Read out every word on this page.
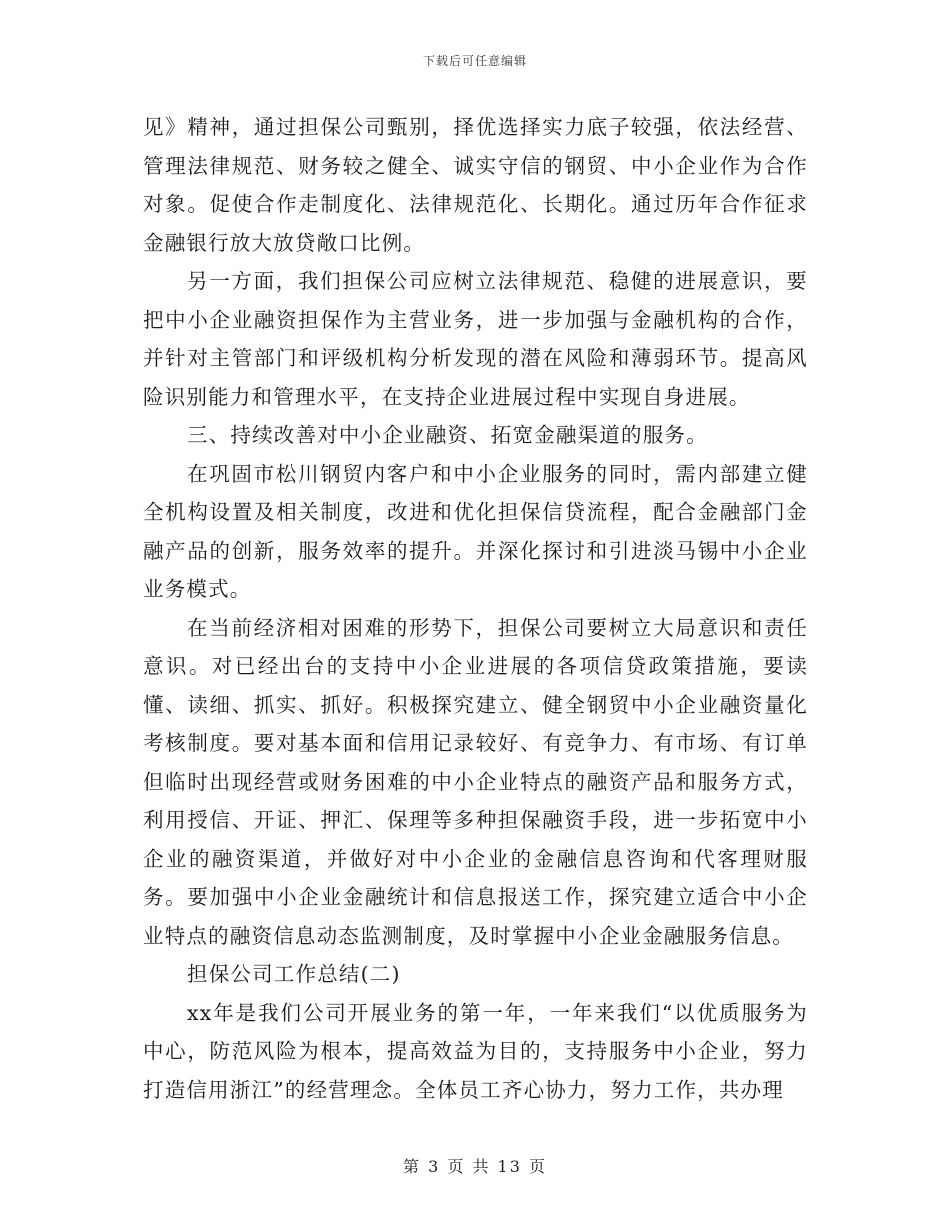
下载后可任意编辑

见》精神，通过担保公司甄别，择优选择实力底子较强，依法经营、管理法律规范、财务较之健全、诚实守信的钢贸、中小企业作为合作对象。促使合作走制度化、法律规范化、长期化。通过历年合作征求金融银行放大放贷敞口比例。

另一方面，我们担保公司应树立法律规范、稳健的进展意识，要把中小企业融资担保作为主营业务，进一步加强与金融机构的合作，并针对主管部门和评级机构分析发现的潜在风险和薄弱环节。提高风险识别能力和管理水平，在支持企业进展过程中实现自身进展。

三、持续改善对中小企业融资、拓宽金融渠道的服务。

在巩固市松川钢贸内客户和中小企业服务的同时，需内部建立健全机构设置及相关制度，改进和优化担保信贷流程，配合金融部门金融产品的创新，服务效率的提升。并深化探讨和引进淡马锡中小企业业务模式。

在当前经济相对困难的形势下，担保公司要树立大局意识和责任意识。对已经出台的支持中小企业进展的各项信贷政策措施，要读懂、读细、抓实、抓好。积极探究建立、健全钢贸中小企业融资量化考核制度。要对基本面和信用记录较好、有竞争力、有市场、有订单但临时出现经营或财务困难的中小企业特点的融资产品和服务方式，利用授信、开证、押汇、保理等多种担保融资手段，进一步拓宽中小企业的融资渠道，并做好对中小企业的金融信息咨询和代客理财服务。要加强中小企业金融统计和信息报送工作，探究建立适合中小企业特点的融资信息动态监测制度，及时掌握中小企业金融服务信息。

担保公司工作总结(二)

xx年是我们公司开展业务的第一年，一年来我们“以优质服务为中心，防范风险为根本，提高效益为目的，支持服务中小企业，努力打造信用浙江”的经营理念。全体员工齐心协力，努力工作，共办理

第 3 页 共 13 页
